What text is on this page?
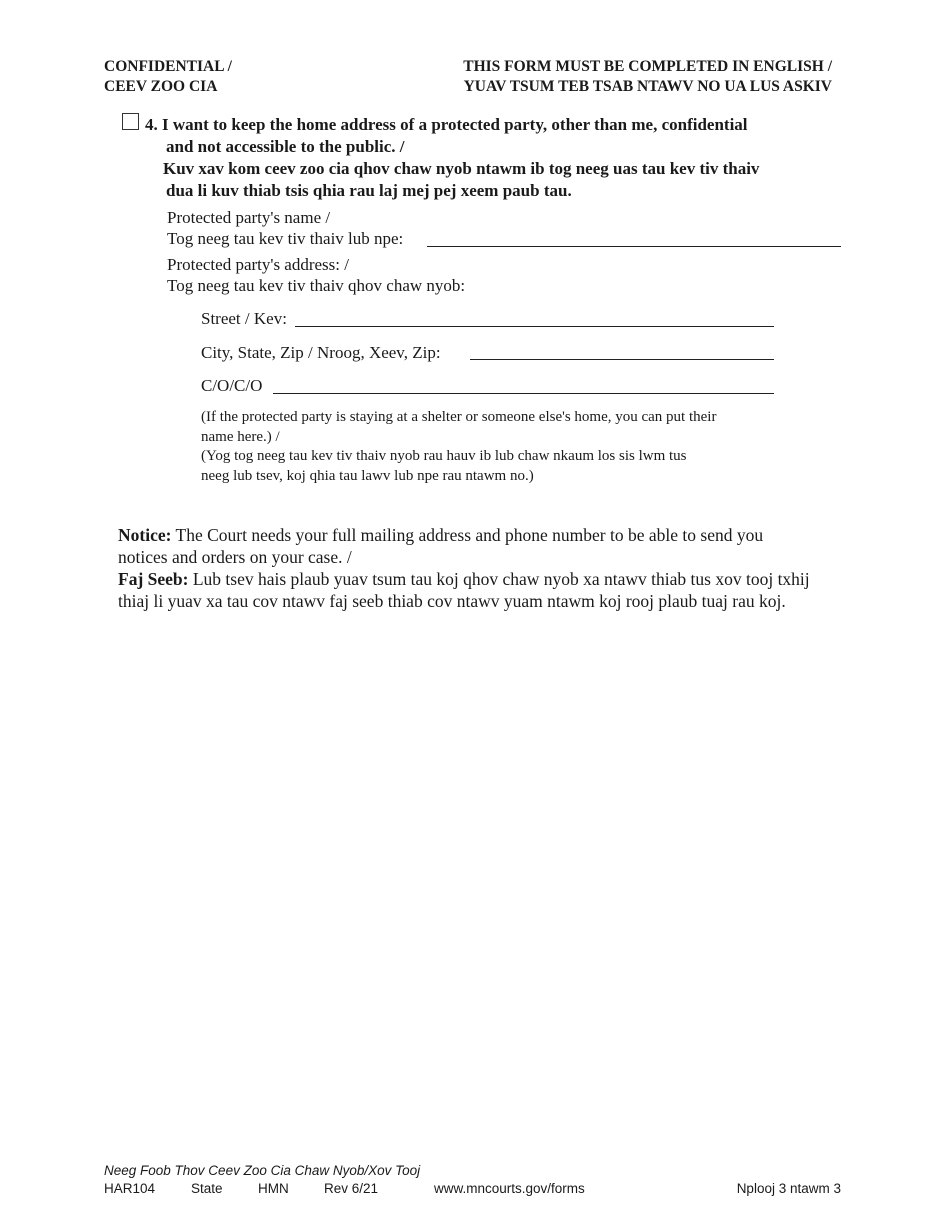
CONFIDENTIAL /
CEEV ZOO CIA
THIS FORM MUST BE COMPLETED IN ENGLISH /
YUAV TSUM TEB TSAB NTAWV NO UA LUS ASKIV
4. I want to keep the home address of a protected party, other than me, confidential
and not accessible to the public. /
Kuv xav kom ceev zoo cia qhov chaw nyob ntawm ib tog neeg uas tau kev tiv thaiv
dua li kuv thiab tsis qhia rau laj mej pej xeem paub tau.
Protected party's name /
Tog neeg tau kev tiv thaiv lub npe:
Protected party's address: /
Tog neeg tau kev tiv thaiv qhov chaw nyob:
Street / Kev:
City, State, Zip / Nroog, Xeev, Zip:
C/O/C/O
(If the protected party is staying at a shelter or someone else's home, you can put their
name here.) /
(Yog tog neeg tau kev tiv thaiv nyob rau hauv ib lub chaw nkaum los sis lwm tus
neeg lub tsev, koj qhia tau lawv lub npe rau ntawm no.)
Notice: The Court needs your full mailing address and phone number to be able to send you
notices and orders on your case. /
Faj Seeb: Lub tsev hais plaub yuav tsum tau koj qhov chaw nyob xa ntawv thiab tus xov tooj txhij
thiaj li yuav xa tau cov ntawv faj seeb thiab cov ntawv yuam ntawm koj rooj plaub tuaj rau koj.
Neeg Foob Thov Ceev Zoo Cia Chaw Nyob/Xov Tooj
HAR104	State	HMN	Rev 6/21	www.mncourts.gov/forms	Nplooj 3 ntawm 3
